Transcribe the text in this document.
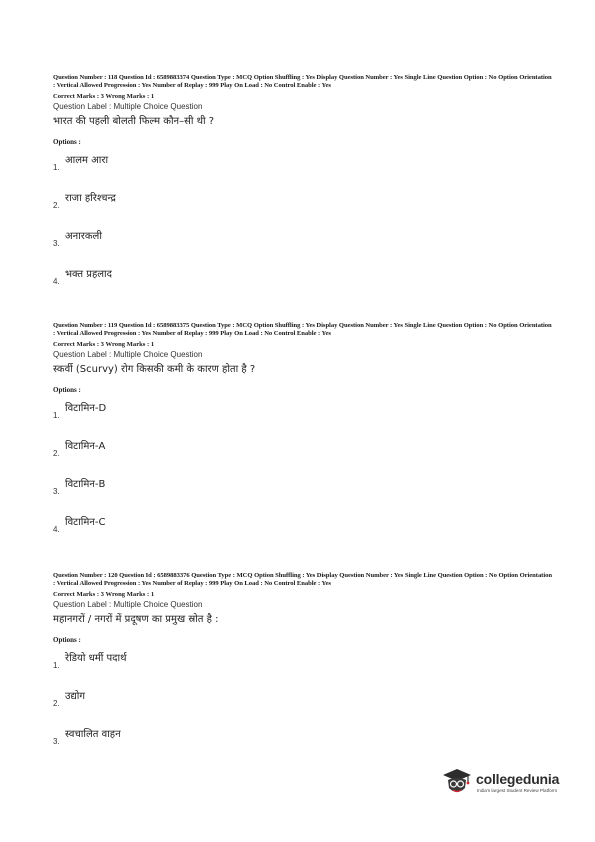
Question Number : 118 Question Id : 6589883374 Question Type : MCQ Option Shuffling : Yes Display Question Number : Yes Single Line Question Option : No Option Orientation : Vertical Allowed Progression : Yes Number of Replay : 999 Play On Load : No Control Enable : Yes
Correct Marks : 3 Wrong Marks : 1
Question Label : Multiple Choice Question
भारत की पहली बोलती फिल्म कौन–सी थी ?
Options :
1.
आलम आरा
2.
राजा हरिश्चन्द्र
3.
अनारकली
4.
भक्त प्रहलाद
Question Number : 119 Question Id : 6589883375 Question Type : MCQ Option Shuffling : Yes Display Question Number : Yes Single Line Question Option : No Option Orientation : Vertical Allowed Progression : Yes Number of Replay : 999 Play On Load : No Control Enable : Yes
Correct Marks : 3 Wrong Marks : 1
Question Label : Multiple Choice Question
स्कर्वी (Scurvy) रोग किसकी कमी के कारण होता है ?
Options :
1.
विटामिन-D
2.
विटामिन-A
3.
विटामिन-B
4.
विटामिन-C
Question Number : 120 Question Id : 6589883376 Question Type : MCQ Option Shuffling : Yes Display Question Number : Yes Single Line Question Option : No Option Orientation : Vertical Allowed Progression : Yes Number of Replay : 999 Play On Load : No Control Enable : Yes
Correct Marks : 3 Wrong Marks : 1
Question Label : Multiple Choice Question
महानगरों / नगरों में प्रदूषण का प्रमुख स्रोत है :
Options :
1.
रेडियो धर्मी पदार्थ
2.
उद्योग
3.
स्वचालित वाहन
collegedunia
India's largest Student Review Platform
